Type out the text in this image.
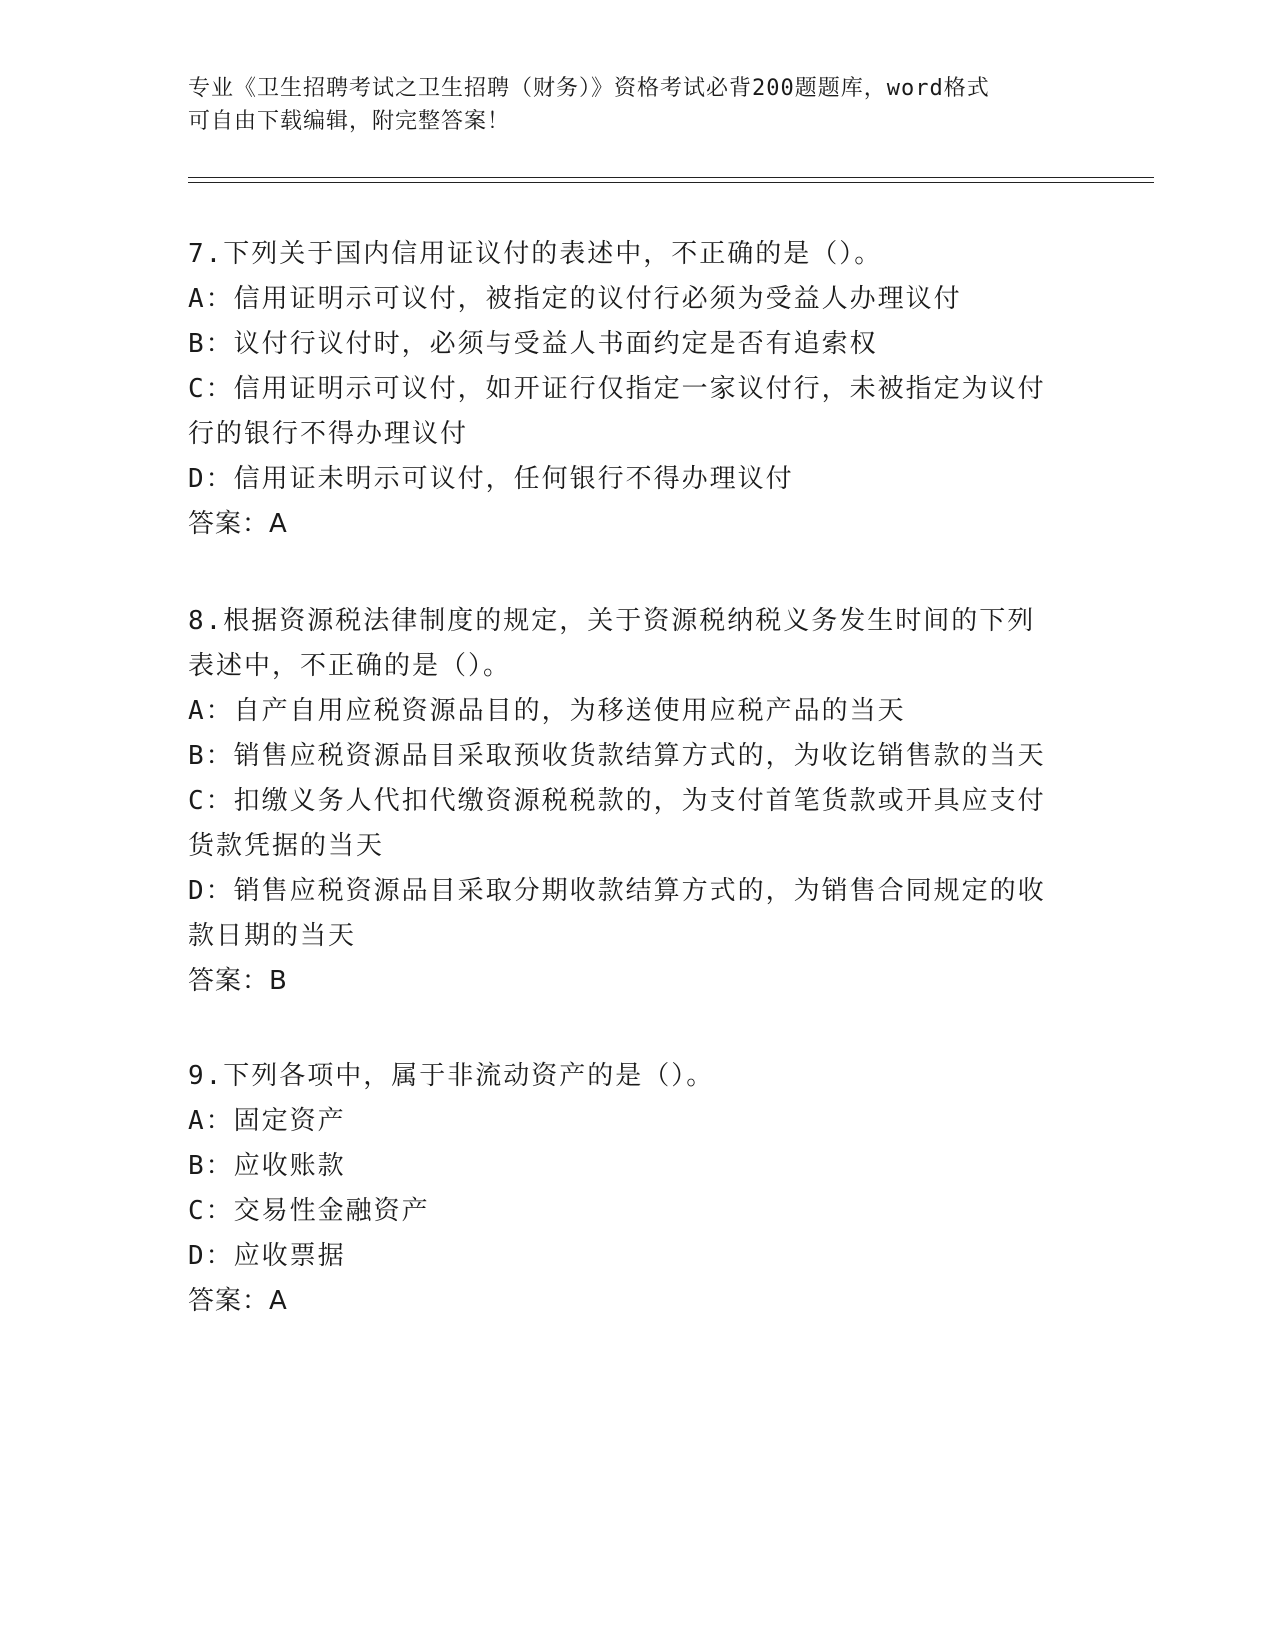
专业《卫生招聘考试之卫生招聘（财务）》资格考试必背200题题库，word格式
可自由下载编辑，附完整答案！
7.下列关于国内信用证议付的表述中，不正确的是（）。
A：信用证明示可议付，被指定的议付行必须为受益人办理议付
B：议付行议付时，必须与受益人书面约定是否有追索权
C：信用证明示可议付，如开证行仅指定一家议付行，未被指定为议付
行的银行不得办理议付
D：信用证未明示可议付，任何银行不得办理议付
答案：A
8.根据资源税法律制度的规定，关于资源税纳税义务发生时间的下列
表述中，不正确的是（）。
A：自产自用应税资源品目的，为移送使用应税产品的当天
B：销售应税资源品目采取预收货款结算方式的，为收讫销售款的当天
C：扣缴义务人代扣代缴资源税税款的，为支付首笔货款或开具应支付
货款凭据的当天
D：销售应税资源品目采取分期收款结算方式的，为销售合同规定的收
款日期的当天
答案：B
9.下列各项中，属于非流动资产的是（）。
A：固定资产
B：应收账款
C：交易性金融资产
D：应收票据
答案：A
